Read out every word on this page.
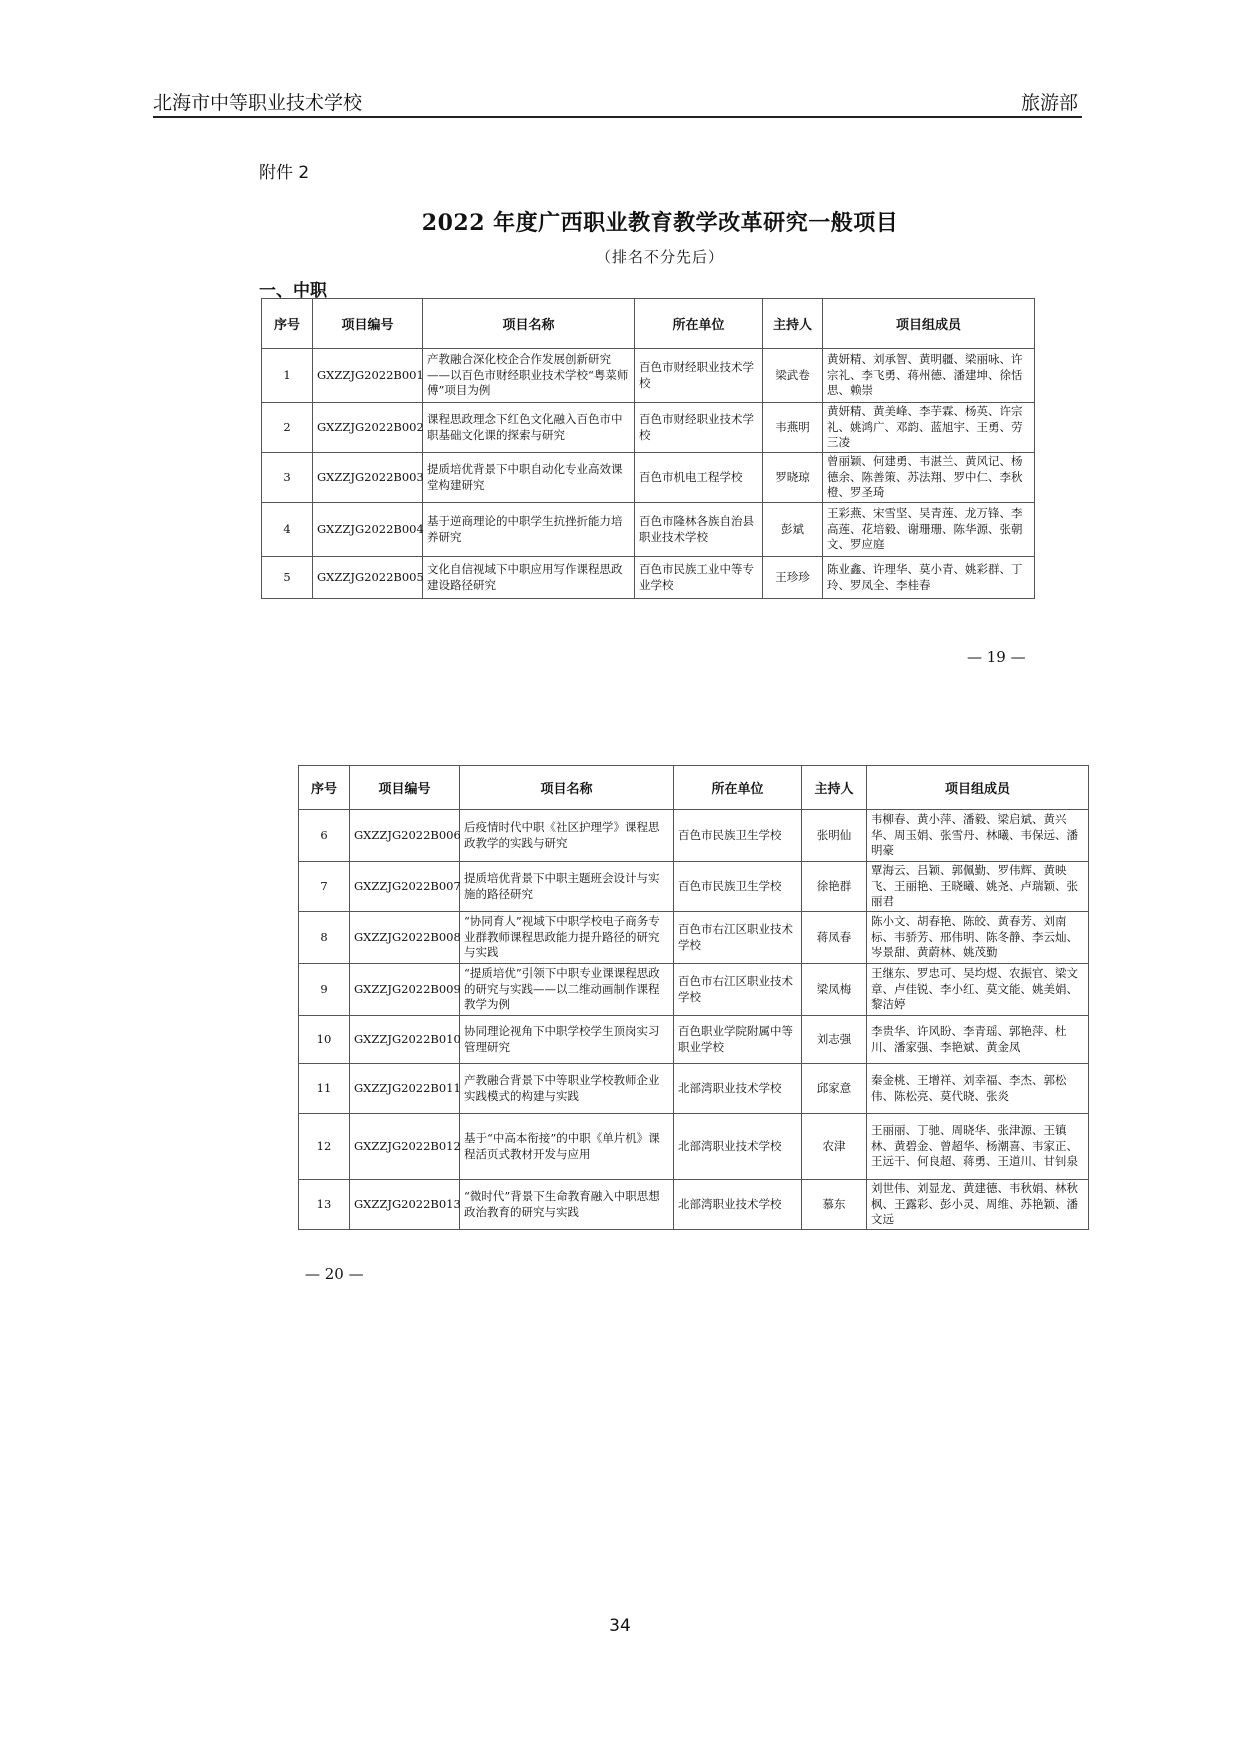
北海市中等职业技术学校	旅游部
附件 2
2022 年度广西职业教育教学改革研究一般项目
（排名不分先后）
一、中职
序号	项目编号	项目名称	所在单位	主持人	项目组成员
1	GXZZJG2022B001	产教融合深化校企合作发展创新研究——以百色市财经职业技术学校“粤菜师傅”项目为例	百色市财经职业技术学校	梁武卷	黄妍精、刘承智、黄明疆、梁丽咏、许宗礼、李飞勇、蒋州德、潘建坤、徐恬思、赖崇
2	GXZZJG2022B002	课程思政理念下红色文化融入百色市中职基础文化课的探索与研究	百色市财经职业技术学校	韦燕明	黄妍精、黄美峰、李芋霖、杨英、许宗礼、姚鸿广、邓韵、蓝旭宇、王勇、劳三凌
3	GXZZJG2022B003	提质培优背景下中职自动化专业高效课堂构建研究	百色市机电工程学校	罗晓琼	曾丽颖、何建勇、韦湛兰、黄风记、杨德余、陈善策、苏法翔、罗中仁、李秋橙、罗圣琦
4	GXZZJG2022B004	基于逆商理论的中职学生抗挫折能力培养研究	百色市隆林各族自治县职业技术学校	彭斌	王彩燕、宋雪坚、吴青莲、龙万锋、李高莲、花培毅、谢珊珊、陈华源、张朝文、罗应庭
5	GXZZJG2022B005	文化自信视域下中职应用写作课程思政建设路径研究	百色市民族工业中等专业学校	王珍珍	陈业鑫、许理华、莫小青、姚彩群、丁玲、罗凤全、李桂春
— 19 —
序号	项目编号	项目名称	所在单位	主持人	项目组成员
6	GXZZJG2022B006	后疫情时代中职《社区护理学》课程思政教学的实践与研究	百色市民族卫生学校	张明仙	韦柳春、黄小萍、潘毅、梁启斌、黄兴华、周玉娟、张雪丹、林曦、韦保远、潘明豪
7	GXZZJG2022B007	提质培优背景下中职主题班会设计与实施的路径研究	百色市民族卫生学校	徐艳群	覃海云、吕颖、郭佩勤、罗伟辉、黄映飞、王丽艳、王晓曦、姚尧、卢瑞颖、张丽君
8	GXZZJG2022B008	“协同育人”视域下中职学校电子商务专业群教师课程思政能力提升路径的研究与实践	百色市右江区职业技术学校	蒋凤春	陈小文、胡春艳、陈皎、黄春芳、刘南标、韦骄芳、邢伟明、陈冬静、李云灿、岑景甜、黄蔚林、姚茂勤
9	GXZZJG2022B009	“提质培优”引领下中职专业课课程思政的研究与实践——以二维动画制作课程教学为例	百色市右江区职业技术学校	梁凤梅	王继东、罗忠可、吴均煜、农振官、梁文章、卢佳锐、李小红、莫文能、姚美娟、黎洁婷
10	GXZZJG2022B010	协同理论视角下中职学校学生顶岗实习管理研究	百色职业学院附属中等职业学校	刘志强	李贵华、许风盼、李青瑶、郭艳萍、杜川、潘家强、李艳斌、黄金凤
11	GXZZJG2022B011	产教融合背景下中等职业学校教师企业实践模式的构建与实践	北部湾职业技术学校	邱家意	秦金桃、王增祥、刘幸福、李杰、郭松伟、陈松亮、莫代晓、张炎
12	GXZZJG2022B012	基于“中高本衔接”的中职《单片机》课程活页式教材开发与应用	北部湾职业技术学校	农津	王丽丽、丁驰、周晓华、张津源、王镇林、黄碧金、曾超华、杨潮喜、韦家正、王远干、何良超、蒋勇、王道川、甘钊泉
13	GXZZJG2022B013	“微时代”背景下生命教育融入中职思想政治教育的研究与实践	北部湾职业技术学校	慕东	刘世伟、刘显龙、黄建德、韦秋娟、林秋枫、王露彩、彭小灵、周维、苏艳颖、潘文远
— 20 —
34
